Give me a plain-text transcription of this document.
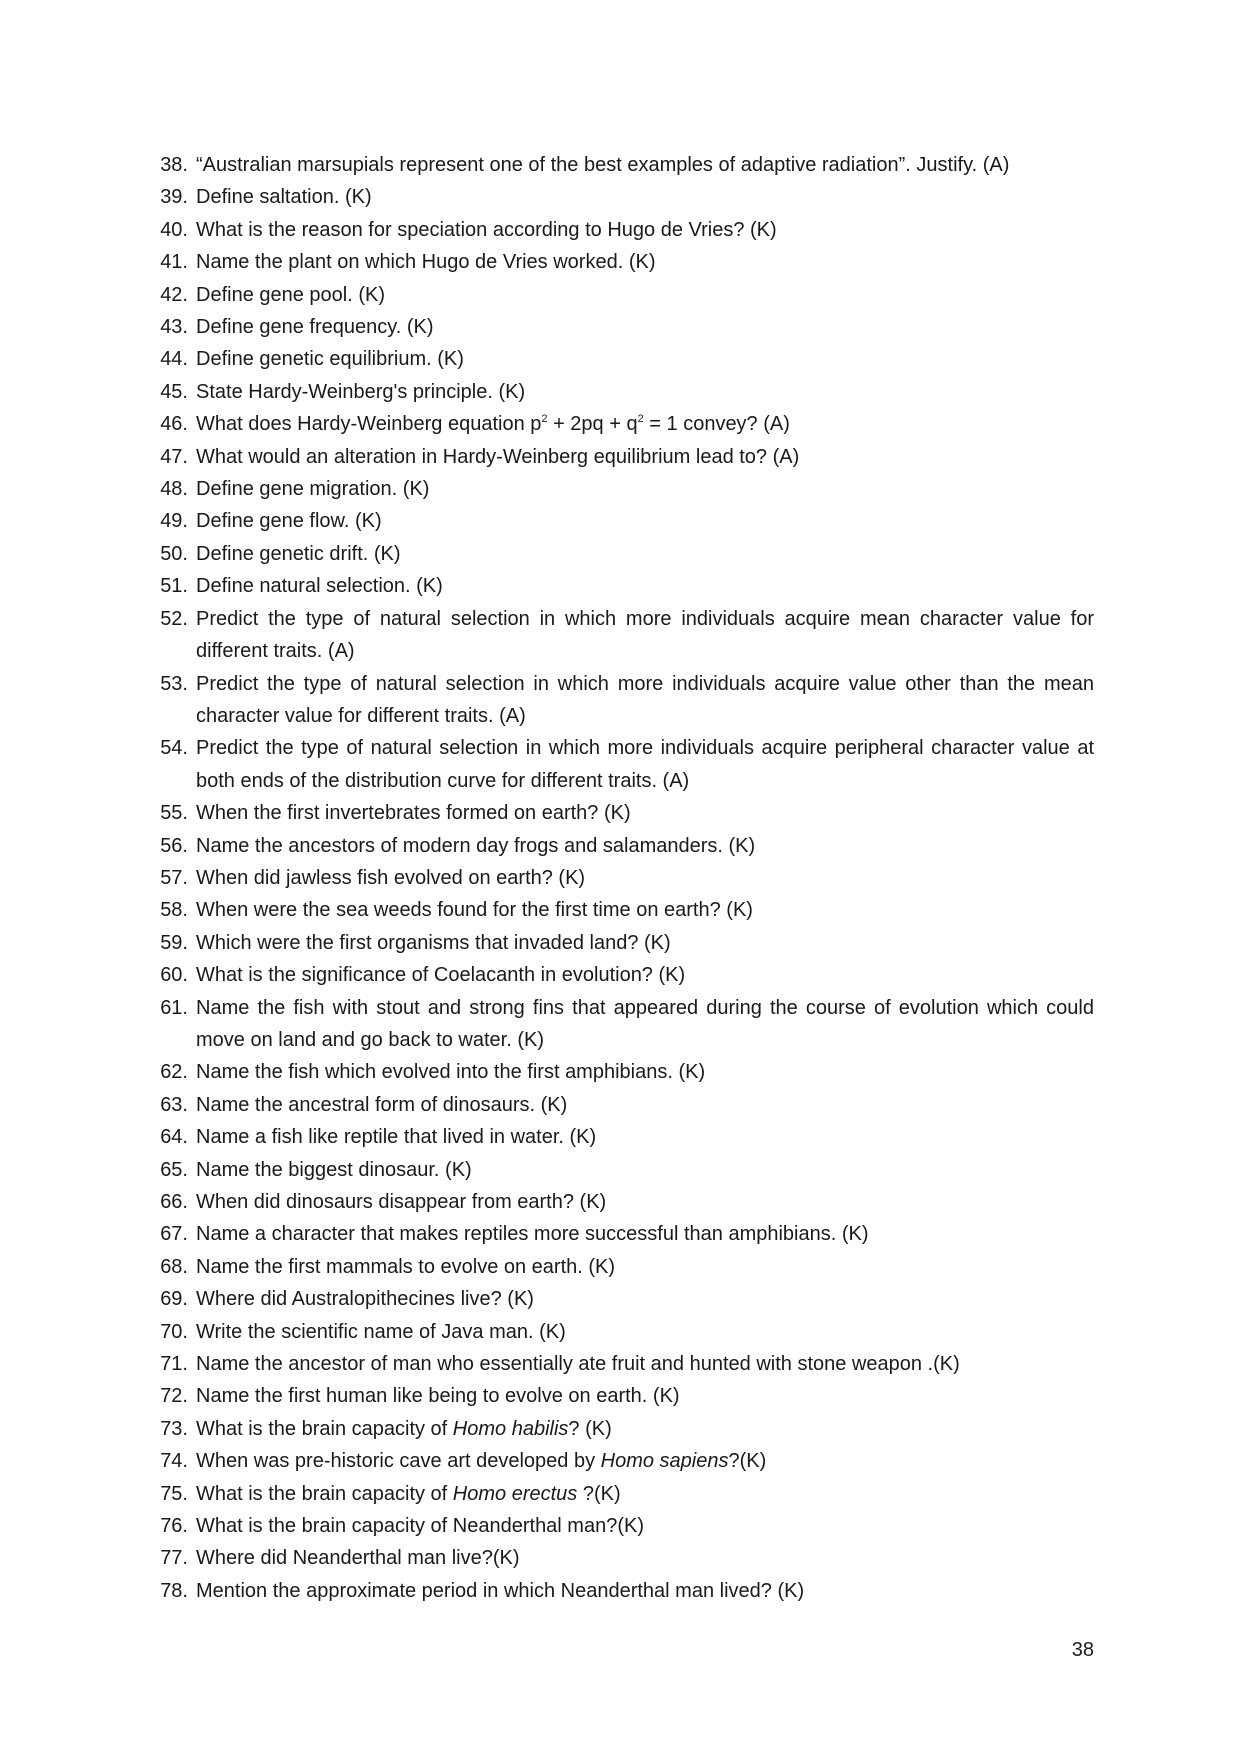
38. “Australian marsupials represent one of the best examples of adaptive radiation”. Justify. (A)
39. Define saltation. (K)
40. What is the reason for speciation according to Hugo de Vries? (K)
41. Name the plant on which Hugo de Vries worked. (K)
42. Define gene pool. (K)
43. Define gene frequency. (K)
44. Define genetic equilibrium. (K)
45. State Hardy-Weinberg's principle. (K)
46. What does Hardy-Weinberg equation $p^2 + 2pq + q^2 = 1$ convey? (A)
47. What would an alteration in Hardy-Weinberg equilibrium lead to? (A)
48. Define gene migration. (K)
49. Define gene flow. (K)
50. Define genetic drift. (K)
51. Define natural selection. (K)
52. Predict the type of natural selection in which more individuals acquire mean character value for different traits. (A)
53. Predict the type of natural selection in which more individuals acquire value other than the mean character value for different traits. (A)
54. Predict the type of natural selection in which more individuals acquire peripheral character value at both ends of the distribution curve for different traits. (A)
55. When the first invertebrates formed on earth? (K)
56. Name the ancestors of modern day frogs and salamanders. (K)
57. When did jawless fish evolved on earth? (K)
58. When were the sea weeds found for the first time on earth? (K)
59. Which were the first organisms that invaded land? (K)
60. What is the significance of Coelacanth in evolution? (K)
61. Name the fish with stout and strong fins that appeared during the course of evolution which could move on land and go back to water. (K)
62. Name the fish which evolved into the first amphibians. (K)
63. Name the ancestral form of dinosaurs. (K)
64. Name a fish like reptile that lived in water. (K)
65. Name the biggest dinosaur. (K)
66. When did dinosaurs disappear from earth? (K)
67. Name a character that makes reptiles more successful than amphibians. (K)
68. Name the first mammals to evolve on earth. (K)
69. Where did Australopithecines live? (K)
70. Write the scientific name of Java man. (K)
71. Name the ancestor of man who essentially ate fruit and hunted with stone weapon .(K)
72. Name the first human like being to evolve on earth. (K)
73. What is the brain capacity of Homo habilis? (K)
74. When was pre-historic cave art developed by Homo sapiens?(K)
75. What is the brain capacity of Homo erectus ?(K)
76. What is the brain capacity of Neanderthal man?(K)
77. Where did Neanderthal man live?(K)
78. Mention the approximate period in which Neanderthal man lived? (K)
38
